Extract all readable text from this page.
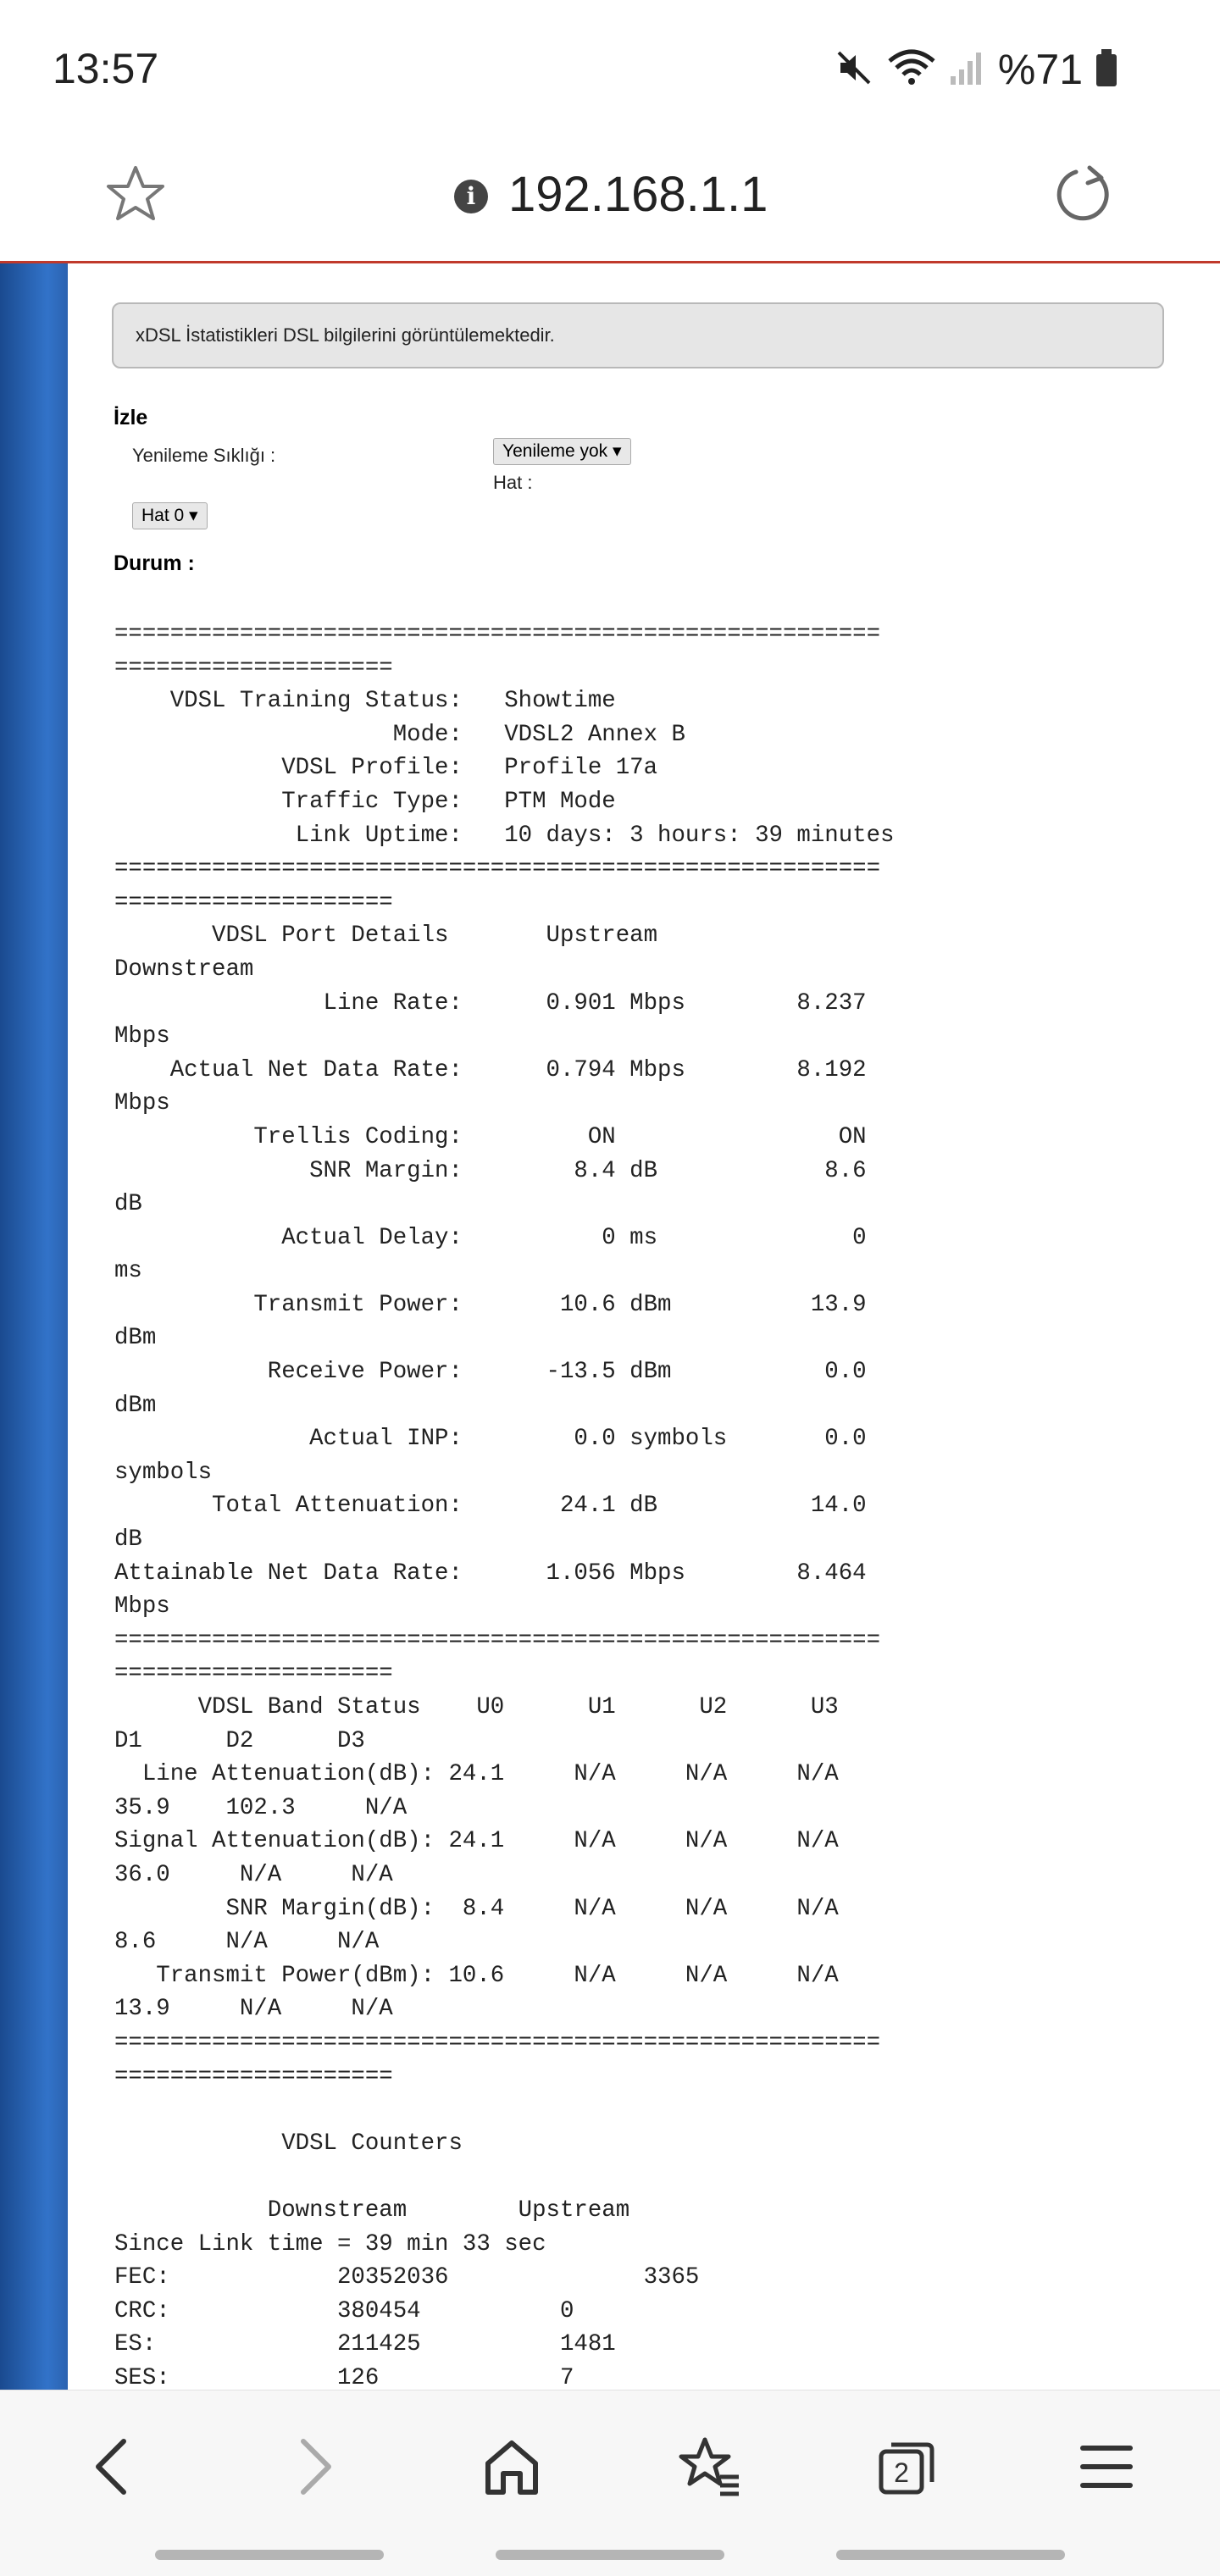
13:57	%71
i 192.168.1.1
xDSL İstatistikleri DSL bilgilerini görüntülemektedir.
İzle
Yenileme Sıklığı :	Yenileme yok ▾
Hat :
Hat 0 ▾
Durum :
=======================================================
====================
VDSL Training Status:   Showtime
Mode:   VDSL2 Annex B
VDSL Profile:   Profile 17a
Traffic Type:   PTM Mode
Link Uptime:   10 days: 3 hours: 39 minutes
=======================================================
====================
VDSL Port Details       Upstream
Downstream
Line Rate:      0.901 Mbps        8.237
Mbps
Actual Net Data Rate:      0.794 Mbps        8.192
Mbps
Trellis Coding:         ON                ON
SNR Margin:        8.4 dB            8.6
dB
Actual Delay:          0 ms              0
ms
Transmit Power:       10.6 dBm          13.9
dBm
Receive Power:      -13.5 dBm           0.0
dBm
Actual INP:        0.0 symbols       0.0
symbols
Total Attenuation:       24.1 dB           14.0
dB
Attainable Net Data Rate:      1.056 Mbps        8.464
Mbps
=======================================================
====================
VDSL Band Status    U0      U1      U2      U3
D1      D2      D3
Line Attenuation(dB): 24.1     N/A     N/A     N/A
35.9    102.3     N/A
Signal Attenuation(dB): 24.1     N/A     N/A     N/A
36.0     N/A     N/A
SNR Margin(dB):  8.4     N/A     N/A     N/A
8.6     N/A     N/A
Transmit Power(dBm): 10.6     N/A     N/A     N/A
13.9     N/A     N/A
=======================================================
====================

VDSL Counters

Downstream        Upstream
Since Link time = 39 min 33 sec
FEC:            20352036              3365
CRC:            380454          0
ES:             211425          1481
SES:            126             7
2
